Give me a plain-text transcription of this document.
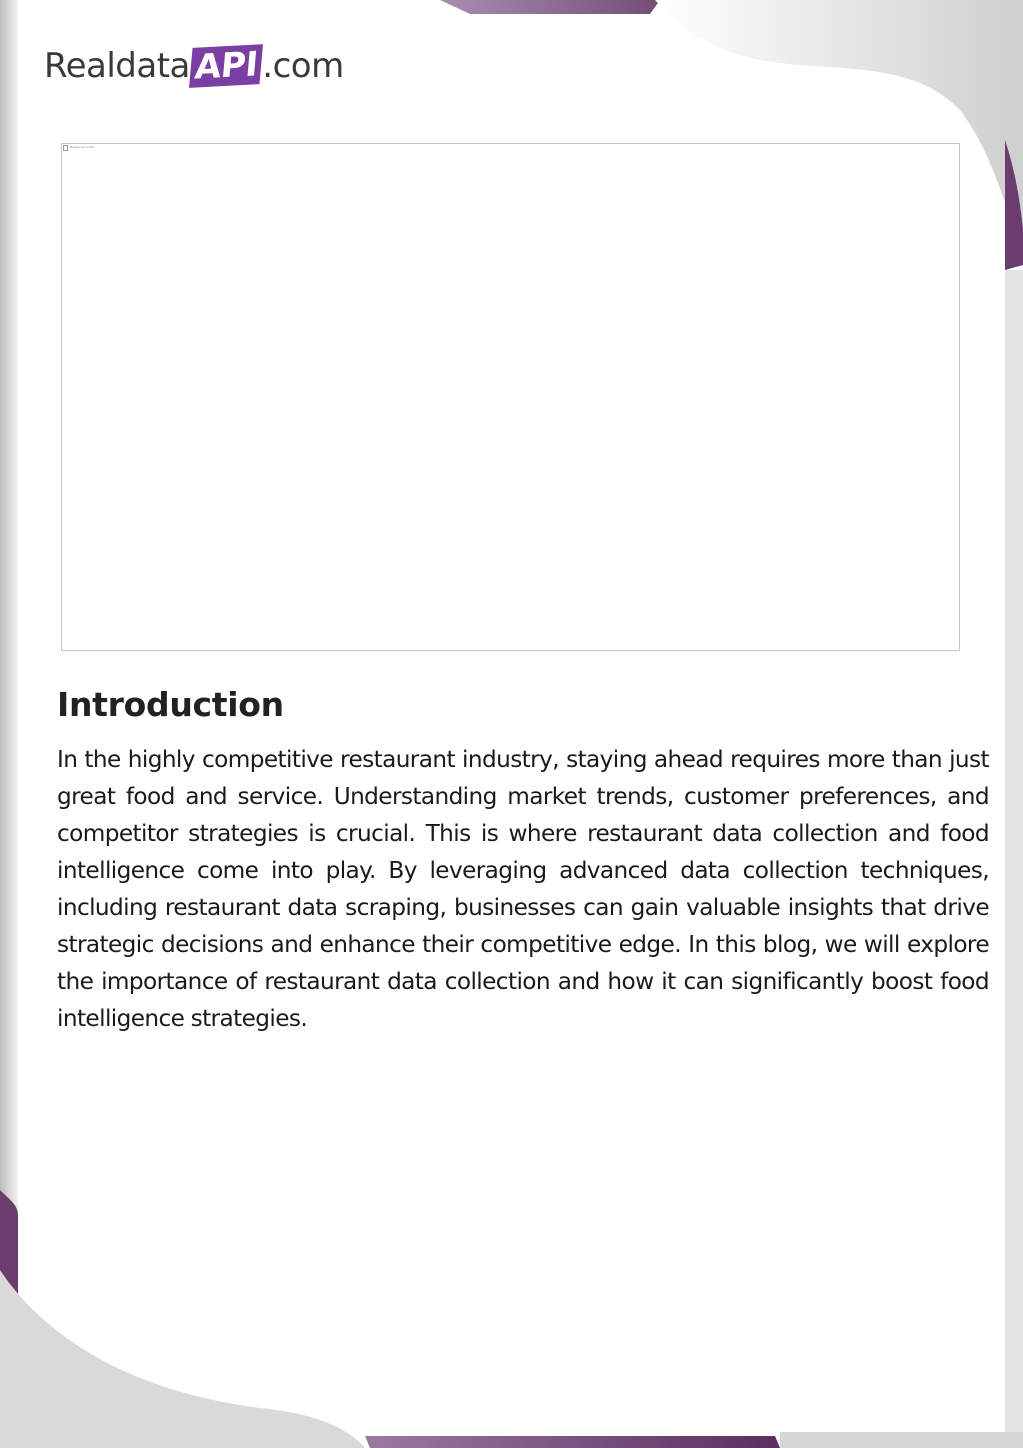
Realdata API .com
Restaurant Data
Introduction

In the highly competitive restaurant industry, staying ahead requires more than just great food and service. Understanding market trends, customer preferences, and competitor strategies is crucial. This is where restaurant data collection and food intelligence come into play. By leveraging advanced data collection techniques, including restaurant data scraping, businesses can gain valuable insights that drive strategic decisions and enhance their competitive edge. In this blog, we will explore the importance of restaurant data collection and how it can significantly boost food intelligence strategies.
